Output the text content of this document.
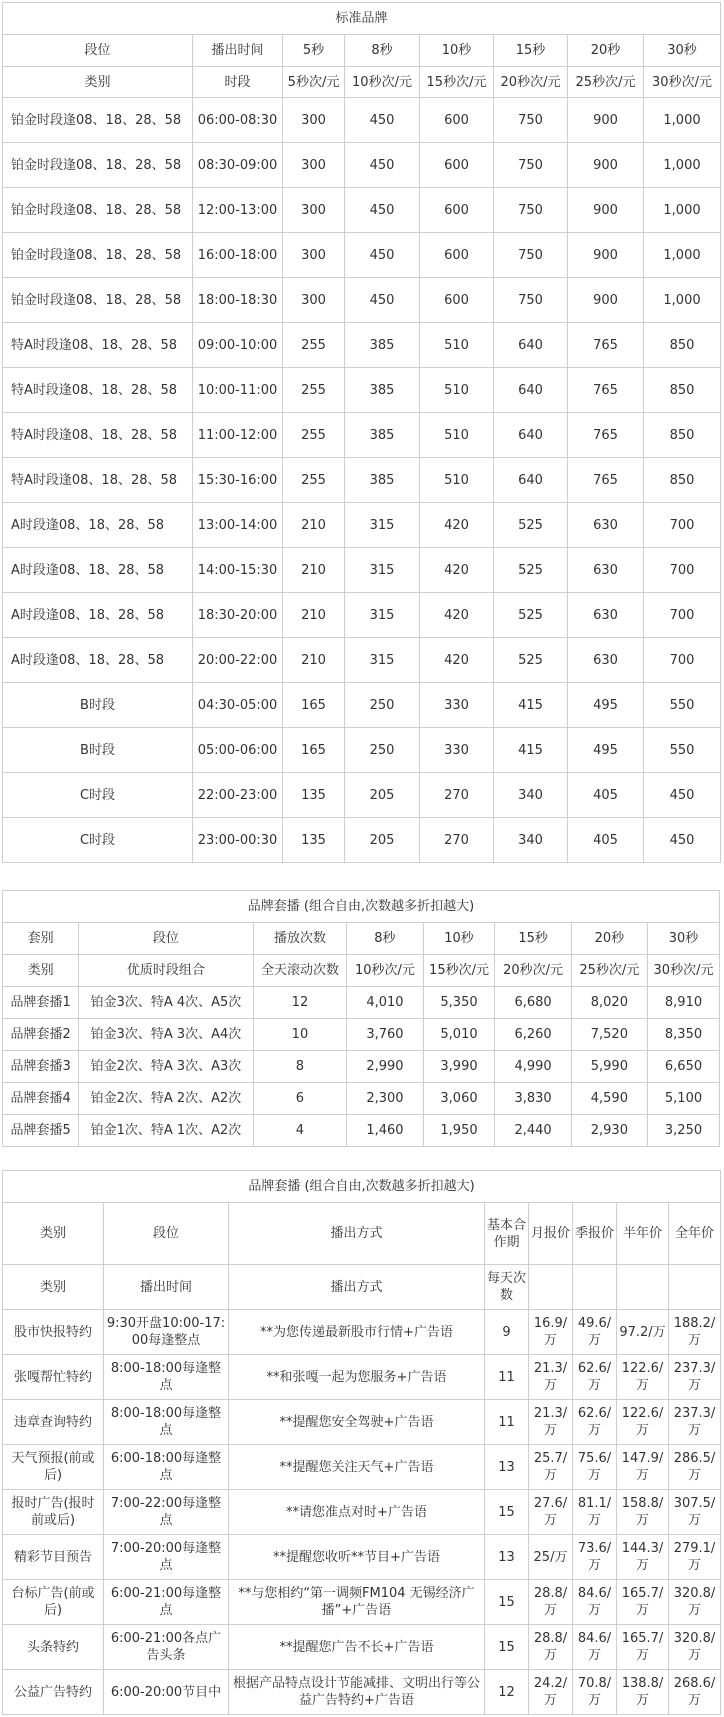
标准品牌							
段位	播出时间	5秒	8秒	10秒	15秒	20秒	30秒
类别	时段	5秒次/元	10秒次/元	15秒次/元	20秒次/元	25秒次/元	30秒次/元
铂金时段逢08、18、28、58	06:00-08:30	300	450	600	750	900	1,000
铂金时段逢08、18、28、58	08:30-09:00	300	450	600	750	900	1,000
铂金时段逢08、18、28、58	12:00-13:00	300	450	600	750	900	1,000
铂金时段逢08、18、28、58	16:00-18:00	300	450	600	750	900	1,000
铂金时段逢08、18、28、58	18:00-18:30	300	450	600	750	900	1,000
特A时段逢08、18、28、58	09:00-10:00	255	385	510	640	765	850
特A时段逢08、18、28、58	10:00-11:00	255	385	510	640	765	850
特A时段逢08、18、28、58	11:00-12:00	255	385	510	640	765	850
特A时段逢08、18、28、58	15:30-16:00	255	385	510	640	765	850
A时段逢08、18、28、58	13:00-14:00	210	315	420	525	630	700
A时段逢08、18、28、58	14:00-15:30	210	315	420	525	630	700
A时段逢08、18、28、58	18:30-20:00	210	315	420	525	630	700
A时段逢08、18、28、58	20:00-22:00	210	315	420	525	630	700
B时段	04:30-05:00	165	250	330	415	495	550
B时段	05:00-06:00	165	250	330	415	495	550
C时段	22:00-23:00	135	205	270	340	405	450
C时段	23:00-00:30	135	205	270	340	405	450
品牌套播 (组合自由,次数越多折扣越大)							
套别	段位	播放次数	8秒	10秒	15秒	20秒	30秒
类别	优质时段组合	全天滚动次数	10秒次/元	15秒次/元	20秒次/元	25秒次/元	30秒次/元
品牌套播1	铂金3次、特A 4次、A5次	12	4,010	5,350	6,680	8,020	8,910
品牌套播2	铂金3次、特A 3次、A4次	10	3,760	5,010	6,260	7,520	8,350
品牌套播3	铂金2次、特A 3次、A3次	8	2,990	3,990	4,990	5,990	6,650
品牌套播4	铂金2次、特A 2次、A2次	6	2,300	3,060	3,830	4,590	5,100
品牌套播5	铂金1次、特A 1次、A2次	4	1,460	1,950	2,440	2,930	3,250
品牌套播 (组合自由,次数越多折扣越大)							
类别	段位	播出方式	基本合作期	月报价	季报价	半年价	全年价
类别	播出时间	播出方式	每天次数				
股市快报特约	9:30开盘10:00-17:00每逢整点	**为您传递最新股市行情+广告语	9	16.9/万	49.6/万	97.2/万	188.2/万
张嘎帮忙特约	8:00-18:00每逢整点	**和张嘎一起为您服务+广告语	11	21.3/万	62.6/万	122.6/万	237.3/万
违章查询特约	8:00-18:00每逢整点	**提醒您安全驾驶+广告语	11	21.3/万	62.6/万	122.6/万	237.3/万
天气预报(前或后)	6:00-18:00每逢整点	**提醒您关注天气+广告语	13	25.7/万	75.6/万	147.9/万	286.5/万
报时广告(报时前或后)	7:00-22:00每逢整点	**请您准点对时+广告语	15	27.6/万	81.1/万	158.8/万	307.5/万
精彩节目预告	7:00-20:00每逢整点	**提醒您收听**节目+广告语	13	25/万	73.6/万	144.3/万	279.1/万
台标广告(前或后)	6:00-21:00每逢整点	**与您相约“第一调频FM104 无锡经济广播”+广告语	15	28.8/万	84.6/万	165.7/万	320.8/万
头条特约	6:00-21:00各点广告头条	**提醒您广告不长+广告语	15	28.8/万	84.6/万	165.7/万	320.8/万
公益广告特约	6:00-20:00节目中	根据产品特点设计节能减排、文明出行等公益广告特约+广告语	12	24.2/万	70.8/万	138.8/万	268.6/万
